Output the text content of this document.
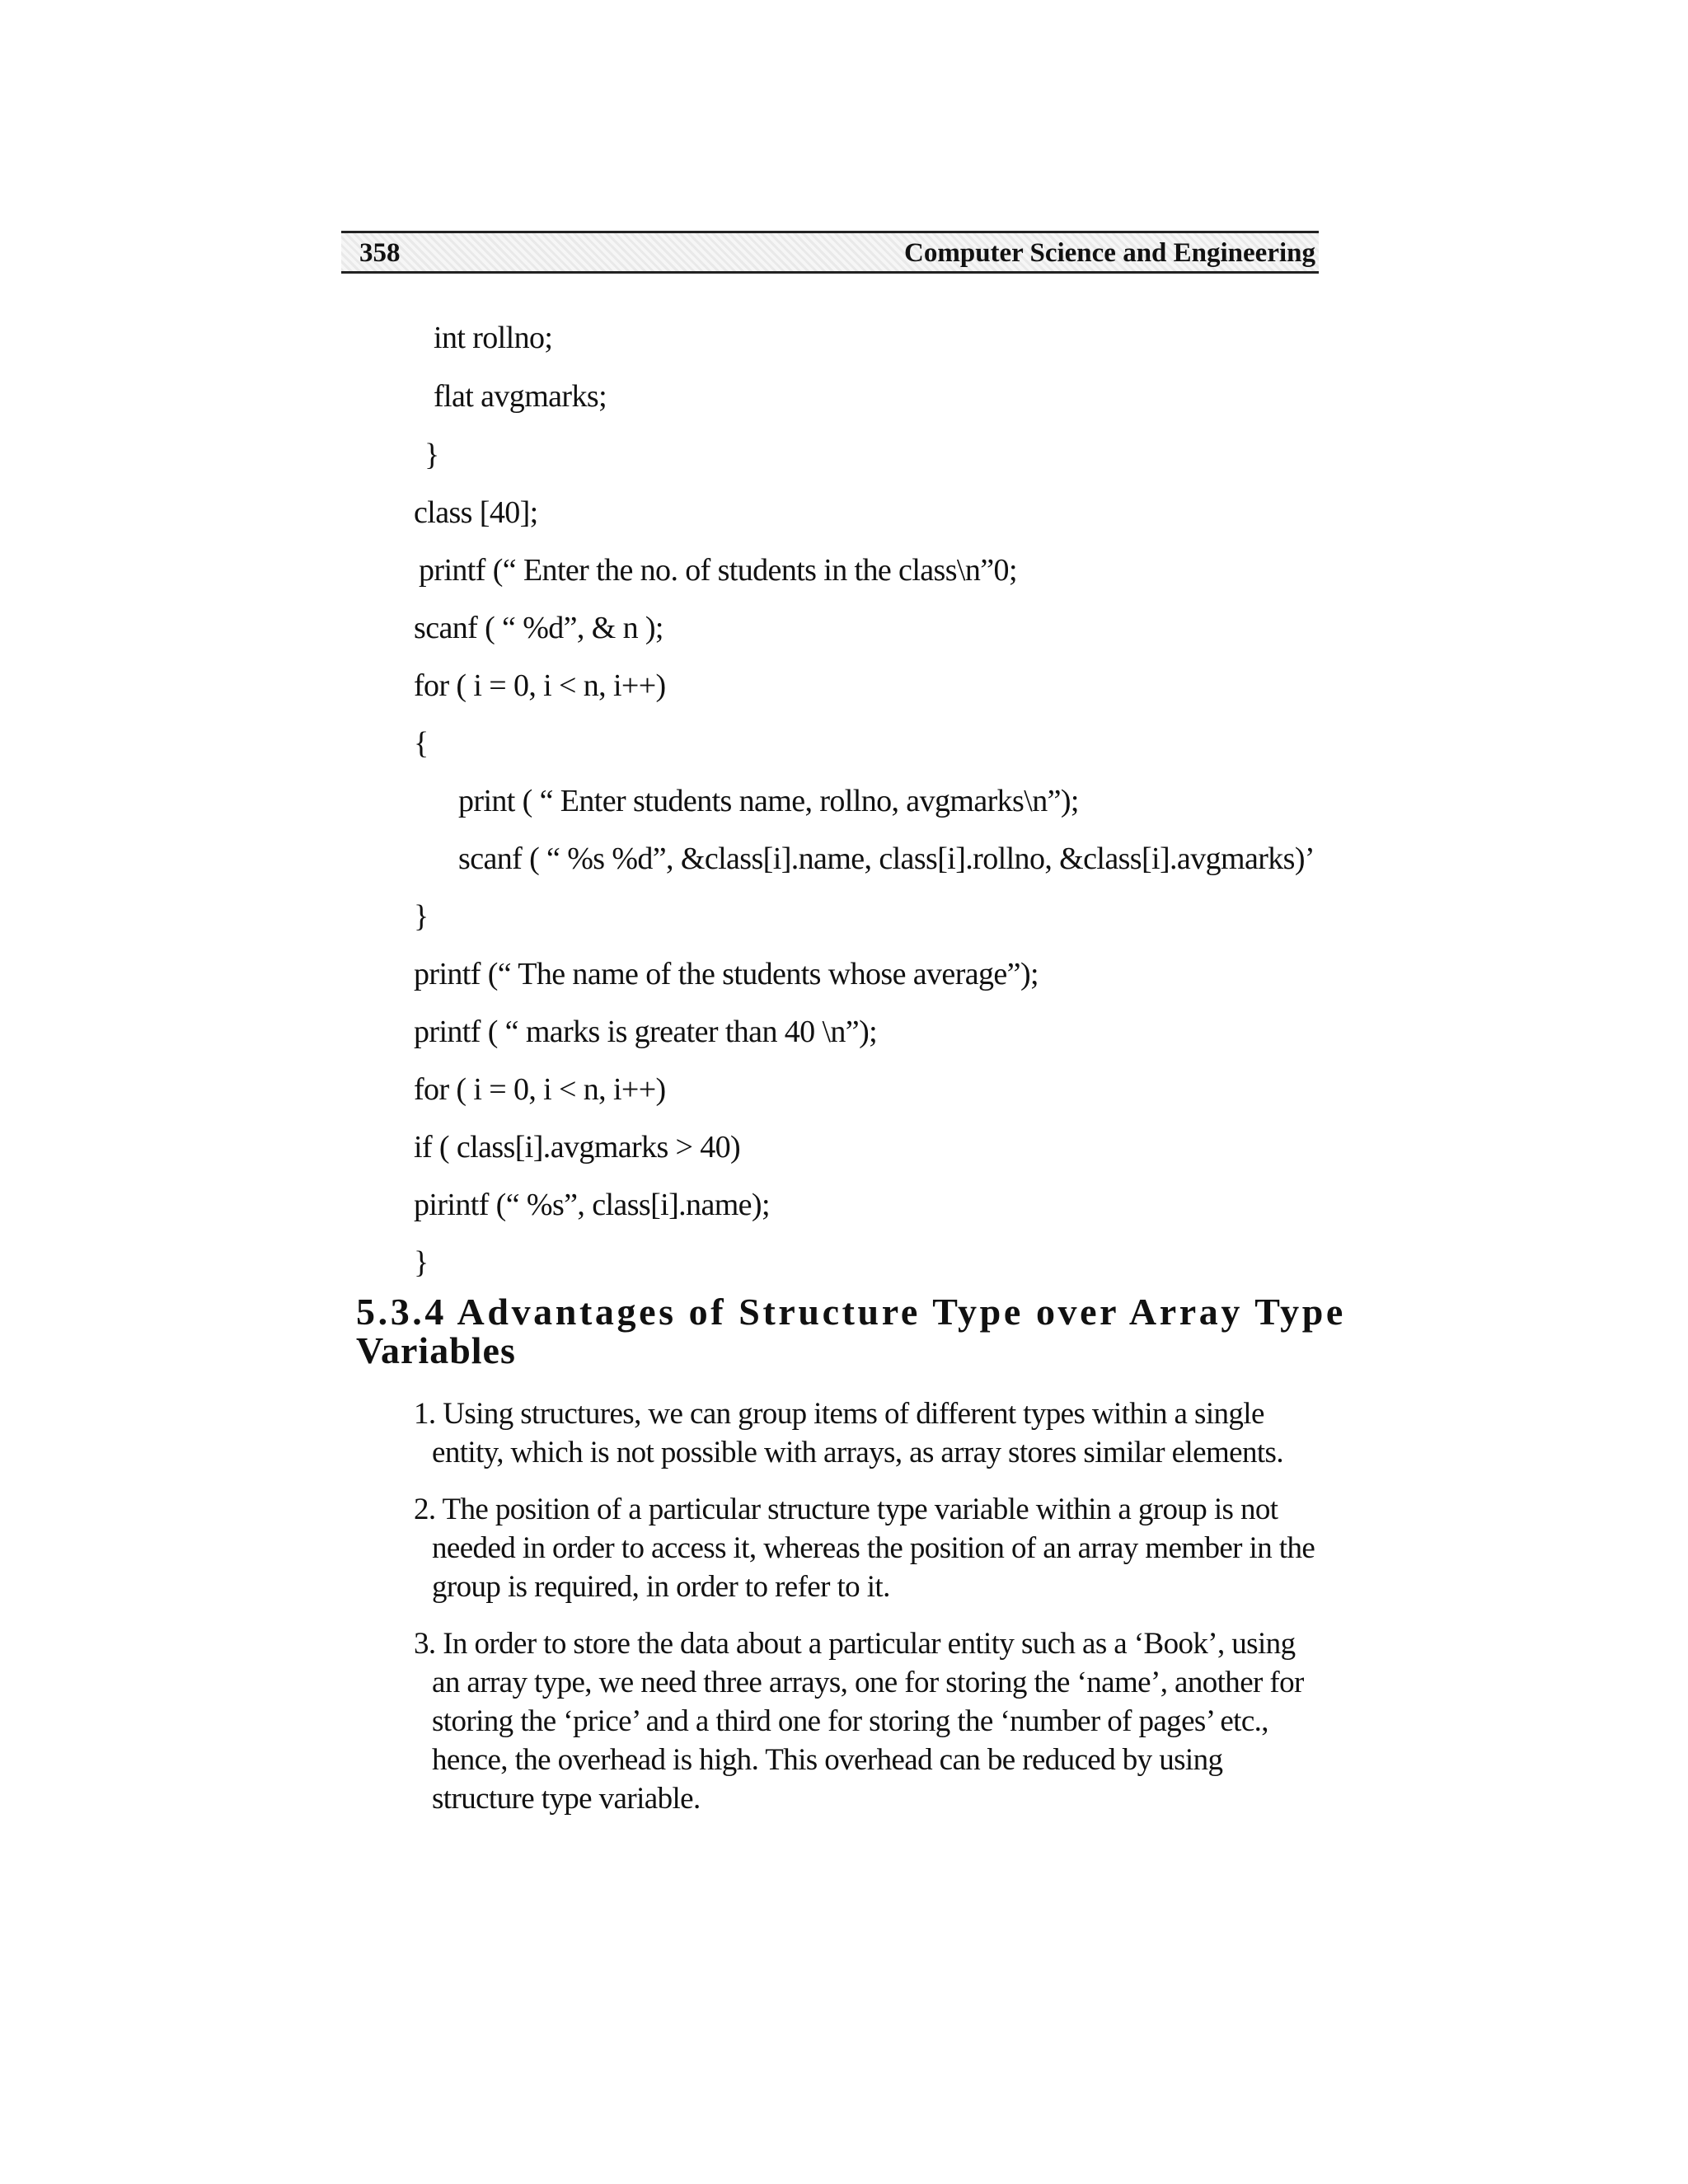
358	Computer Science and Engineering
int rollno;
flat avgmarks;
}
class [40];
printf (“ Enter the no. of students in the class\n”0;
scanf ( “ %d”, & n );
for ( i = 0, i < n, i++)
{
print ( “ Enter students name, rollno, avgmarks\n”);
scanf ( “ %s %d”, &class[i].name, class[i].rollno, &class[i].avgmarks)’
}
printf (“ The name of the students whose average”);
printf ( “ marks is greater than 40 \n”);
for ( i = 0, i < n, i++)
if ( class[i].avgmarks > 40)
pirintf (“ %s”, class[i].name);
}
5.3.4 Advantages of Structure Type over Array Type
Variables
1. Using structures, we can group items of different types within a single entity, which is not possible with arrays, as array stores similar elements.
2. The position of a particular structure type variable within a group is not needed in order to access it, whereas the position of an array member in the group is required, in order to refer to it.
3. In order to store the data about a particular entity such as a ‘Book’, using an array type, we need three arrays, one for storing the ‘name’, another for storing the ‘price’ and a third one for storing the ‘number of pages’ etc., hence, the overhead is high. This overhead can be reduced by using structure type variable.
